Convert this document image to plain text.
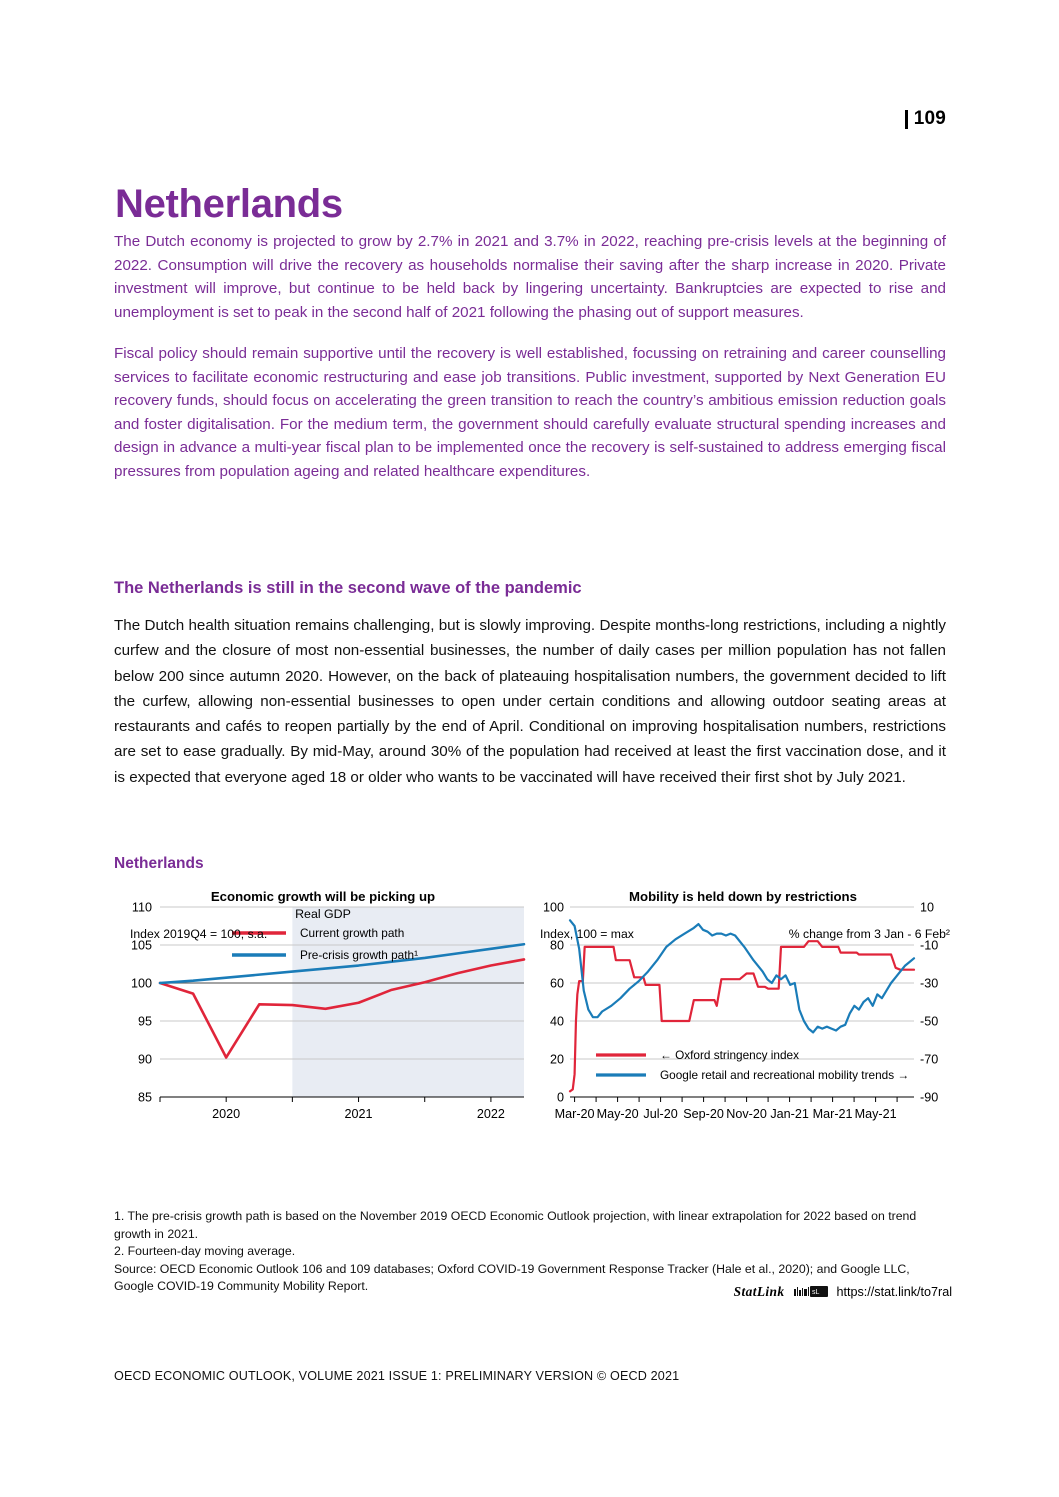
109
Netherlands

The Dutch economy is projected to grow by 2.7% in 2021 and 3.7% in 2022, reaching pre-crisis levels at the beginning of 2022. Consumption will drive the recovery as households normalise their saving after the sharp increase in 2020. Private investment will improve, but continue to be held back by lingering uncertainty. Bankruptcies are expected to rise and unemployment is set to peak in the second half of 2021 following the phasing out of support measures.

Fiscal policy should remain supportive until the recovery is well established, focussing on retraining and career counselling services to facilitate economic restructuring and ease job transitions. Public investment, supported by Next Generation EU recovery funds, should focus on accelerating the green transition to reach the country’s ambitious emission reduction goals and foster digitalisation. For the medium term, the government should carefully evaluate structural spending increases and design in advance a multi-year fiscal plan to be implemented once the recovery is self-sustained to address emerging fiscal pressures from population ageing and related healthcare expenditures.

The Netherlands is still in the second wave of the pandemic

The Dutch health situation remains challenging, but is slowly improving. Despite months-long restrictions, including a nightly curfew and the closure of most non-essential businesses, the number of daily cases per million population has not fallen below 200 since autumn 2020. However, on the back of plateauing hospitalisation numbers, the government decided to lift the curfew, allowing non-essential businesses to open under certain conditions and allowing outdoor seating areas at restaurants and cafés to reopen partially by the end of April. Conditional on improving hospitalisation numbers, restrictions are set to ease gradually. By mid-May, around 30% of the population had received at least the first vaccination dose, and it is expected that everyone aged 18 or older who wants to be vaccinated will have received their first shot by July 2021.

Netherlands
Economic growth will be picking up
Real GDP
Index 2019Q4 = 100, s.a.
85
90
95
100
105
110
2020	2021	2022
Current growth path
Pre-crisis growth path¹
Mobility is held down by restrictions
Index, 100 = max	% change from 3 Jan - 6 Feb²
0
20
40
60
80
100	10
-10
-30
-50
-70
-90
Mar-20 May-20 Jul-20 Sep-20 Nov-20 Jan-21 Mar-21 May-21
← Oxford stringency index
Google retail and recreational mobility trends →

1. The pre-crisis growth path is based on the November 2019 OECD Economic Outlook projection, with linear extrapolation for 2022 based on trend growth in 2021.

2. Fourteen-day moving average.

Source: OECD Economic Outlook 106 and 109 databases; Oxford COVID-19 Government Response Tracker (Hale et al., 2020); and Google LLC, Google COVID-19 Community Mobility Report.	StatLink	sL https://stat.link/to7ral
OECD ECONOMIC OUTLOOK, VOLUME 2021 ISSUE 1: PRELIMINARY VERSION © OECD 2021
